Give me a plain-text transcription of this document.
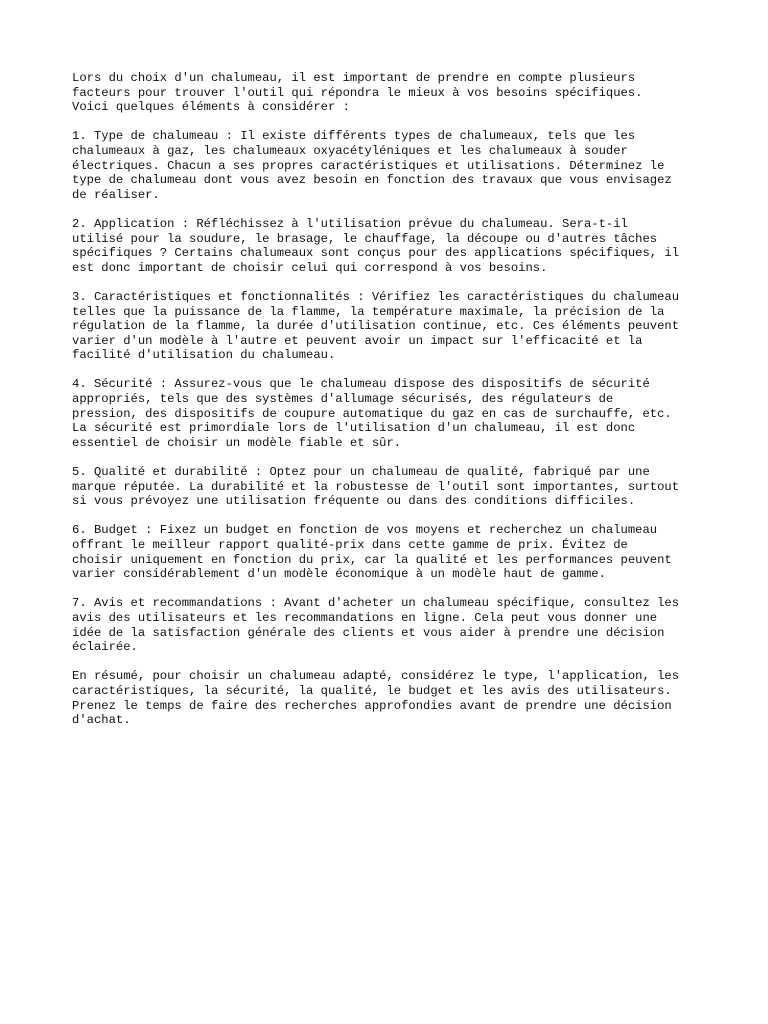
Lors du choix d'un chalumeau, il est important de prendre en compte plusieurs
facteurs pour trouver l'outil qui répondra le mieux à vos besoins spécifiques.
Voici quelques éléments à considérer :

1. Type de chalumeau : Il existe différents types de chalumeaux, tels que les
chalumeaux à gaz, les chalumeaux oxyacétyléniques et les chalumeaux à souder
électriques. Chacun a ses propres caractéristiques et utilisations. Déterminez le
type de chalumeau dont vous avez besoin en fonction des travaux que vous envisagez
de réaliser.

2. Application : Réfléchissez à l'utilisation prévue du chalumeau. Sera-t-il
utilisé pour la soudure, le brasage, le chauffage, la découpe ou d'autres tâches
spécifiques ? Certains chalumeaux sont conçus pour des applications spécifiques, il
est donc important de choisir celui qui correspond à vos besoins.

3. Caractéristiques et fonctionnalités : Vérifiez les caractéristiques du chalumeau
telles que la puissance de la flamme, la température maximale, la précision de la
régulation de la flamme, la durée d'utilisation continue, etc. Ces éléments peuvent
varier d'un modèle à l'autre et peuvent avoir un impact sur l'efficacité et la
facilité d'utilisation du chalumeau.

4. Sécurité : Assurez-vous que le chalumeau dispose des dispositifs de sécurité
appropriés, tels que des systèmes d'allumage sécurisés, des régulateurs de
pression, des dispositifs de coupure automatique du gaz en cas de surchauffe, etc.
La sécurité est primordiale lors de l'utilisation d'un chalumeau, il est donc
essentiel de choisir un modèle fiable et sûr.

5. Qualité et durabilité : Optez pour un chalumeau de qualité, fabriqué par une
marque réputée. La durabilité et la robustesse de l'outil sont importantes, surtout
si vous prévoyez une utilisation fréquente ou dans des conditions difficiles.

6. Budget : Fixez un budget en fonction de vos moyens et recherchez un chalumeau
offrant le meilleur rapport qualité-prix dans cette gamme de prix. Évitez de
choisir uniquement en fonction du prix, car la qualité et les performances peuvent
varier considérablement d'un modèle économique à un modèle haut de gamme.

7. Avis et recommandations : Avant d'acheter un chalumeau spécifique, consultez les
avis des utilisateurs et les recommandations en ligne. Cela peut vous donner une
idée de la satisfaction générale des clients et vous aider à prendre une décision
éclairée.

En résumé, pour choisir un chalumeau adapté, considérez le type, l'application, les
caractéristiques, la sécurité, la qualité, le budget et les avis des utilisateurs.
Prenez le temps de faire des recherches approfondies avant de prendre une décision
d'achat.
